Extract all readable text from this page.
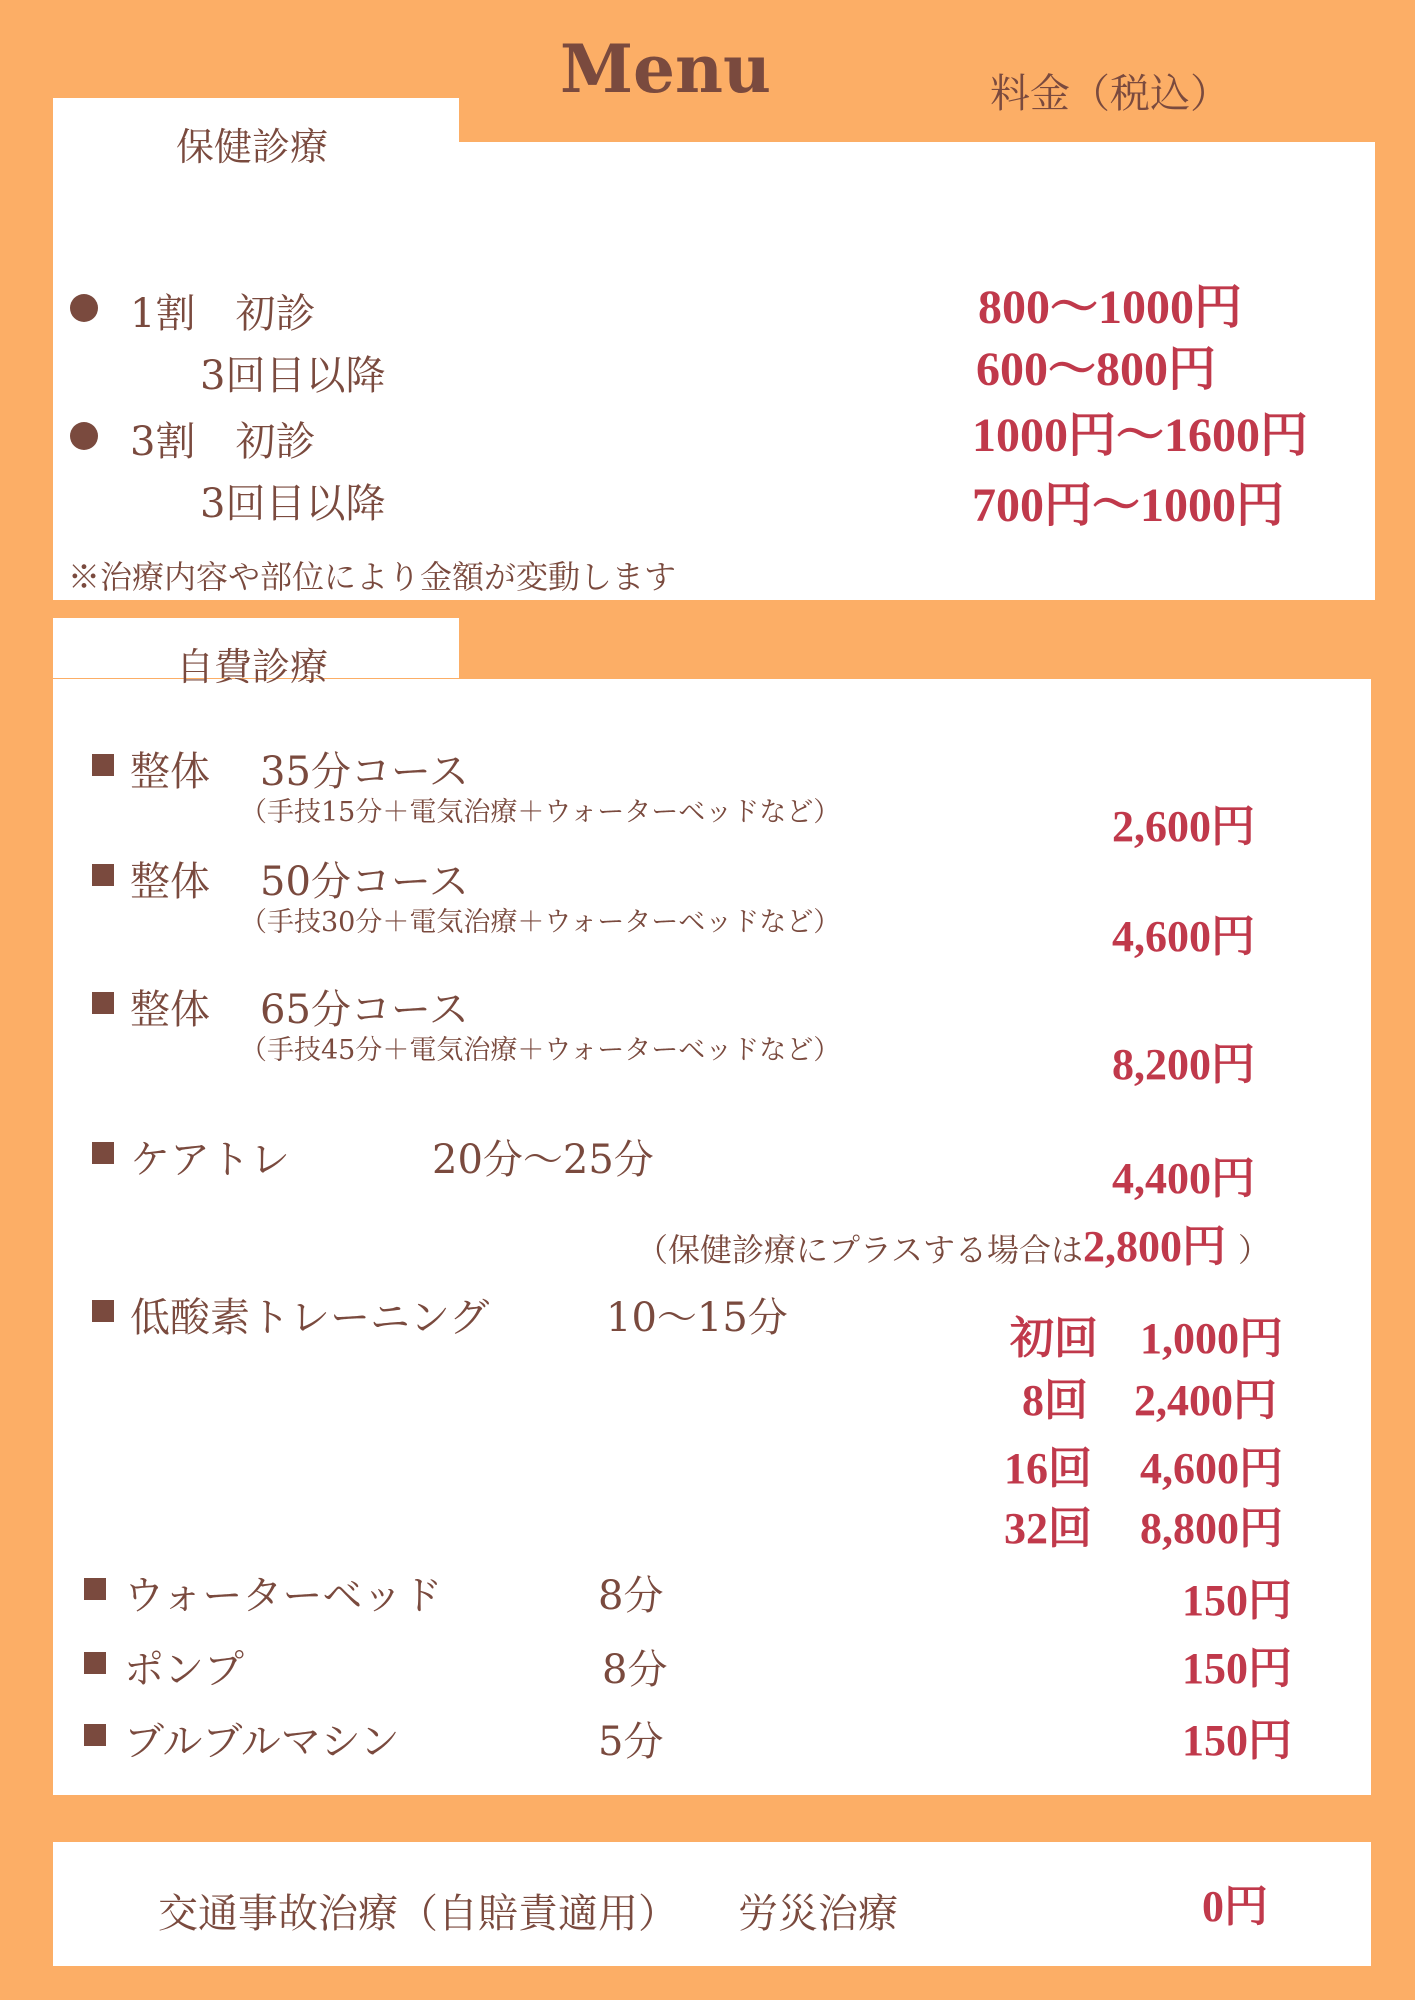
Menu	料金（税込）
保健診療
1割　初診	800〜1000円
3回目以降	600〜800円
3割　初診	1000円〜1600円
3回目以降	700円〜1000円
※治療内容や部位により金額が変動します
自費診療
整体 35分コース
（手技15分＋電気治療＋ウォーターベッドなど）	2,600円
整体 50分コース
（手技30分＋電気治療＋ウォーターベッドなど）	4,600円
整体 65分コース
（手技45分＋電気治療＋ウォーターベッドなど）	8,200円
ケアトレ	20分〜25分	4,400円
（保健診療にプラスする場合は2,800円 ）
低酸素トレーニング	10〜15分	初回 1,000円
8回 2,400円
16回 4,600円
32回 8,800円
ウォーターベッド	8分	150円
ポンプ	8分	150円
ブルブルマシン	5分	150円
交通事故治療（自賠責適用） 労災治療	0円
